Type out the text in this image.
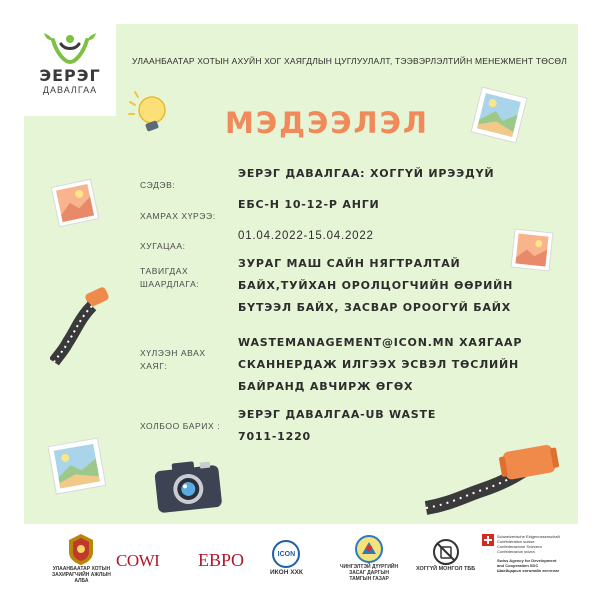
ЭЕРЭГ
ДАВАЛГАА
УЛААНБААТАР ХОТЫН АХУЙН ХОГ ХАЯГДЛЫН ЦУГЛУУЛАЛТ, ТЭЭВЭРЛЭЛТИЙН МЕНЕЖМЕНТ ТӨСӨЛ
МЭДЭЭЛЭЛ
СЭДЭВ:
ЭЕРЭГ ДАВАЛГАА: ХОГГҮЙ ИРЭЭДҮЙ
ХАМРАХ ХҮРЭЭ:
ЕБС-Н 10-12-Р АНГИ
ХУГАЦАА:
01.04.2022-15.04.2022
ТАВИГДАХ
ШААРДЛАГА:
ЗУРАГ МАШ САЙН НЯГТРАЛТАЙ
БАЙХ,ТУЙХАН ОРОЛЦОГЧИЙН ӨӨРИЙН
БҮТЭЭЛ БАЙХ, ЗАСВАР ОРООГҮЙ БАЙХ
ХҮЛЭЭН АВАХ
ХАЯГ:
WASTEMANAGEMENT@ICON.MN ХАЯГААР
СКАННЕРДАЖ ИЛГЭЭХ ЭСВЭЛ ТӨСЛИЙН
БАЙРАНД АВЧИРЖ ӨГӨХ
ХОЛБОО БАРИХ :
ЭЕРЭГ ДАВАЛГАА-UB WASTE
7011-1220
УЛААНБААТАР ХОТЫН
ЗАХИРАГЧИЙН АЖЛЫН
АЛБА
COWI EBPO	ICON
ИКОН ХХК
ЧИНГЭЛТЭЙ ДҮҮРГИЙН
ЗАСАГ ДАРГЫН
ТАМГЫН ГАЗАР
ХОГГҮЙ МОНГОЛ ТББ
Schweizerische Eidgenossenschaft
Confédération suisse
Confederazione Svizzera
Confederaziun svizra
Swiss Agency for Development
and Cooperation SDC
Швейцарын хөгжлийн агентлаг
